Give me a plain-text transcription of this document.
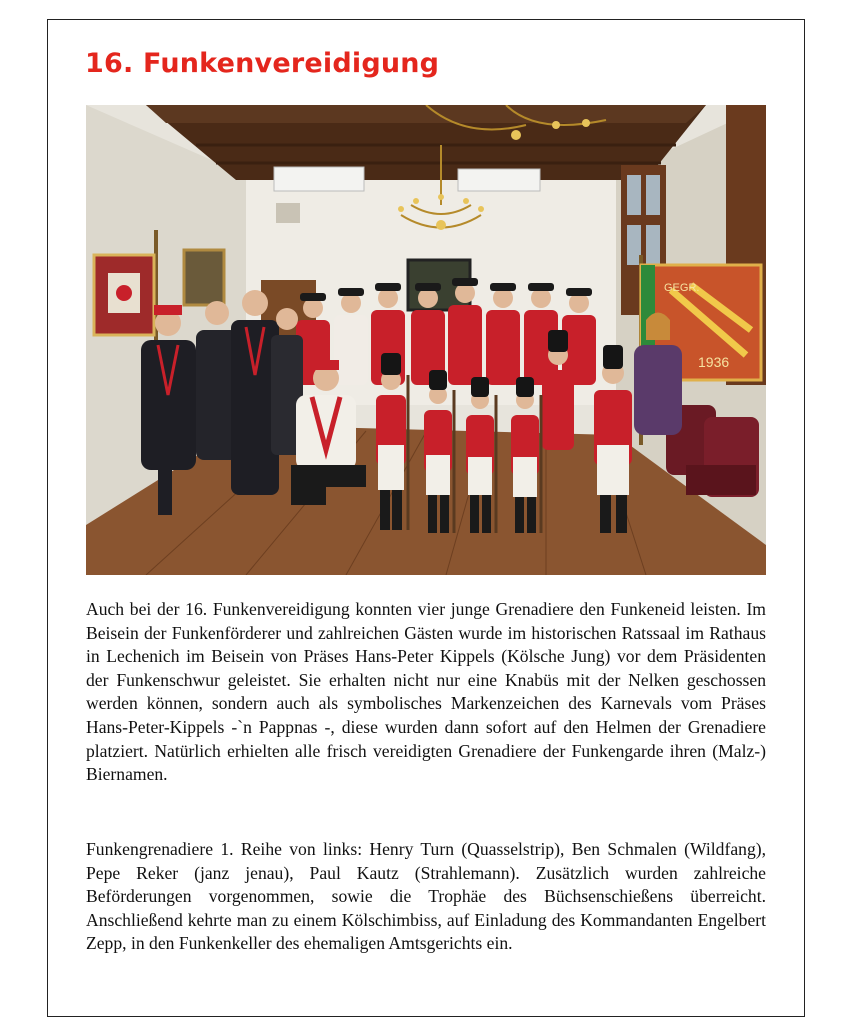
16. Funkenvereidigung
GEGR.
1936

Auch bei der 16. Funkenvereidigung konnten vier junge Grenadiere den Funkeneid leisten. Im Beisein der Funkenförderer und zahlreichen Gästen wurde im historischen Ratssaal im Rathaus in Lechenich im Beisein von Präses Hans-Peter Kippels (Kölsche Jung) vor dem Präsidenten der Funkenschwur geleistet. Sie erhalten nicht nur eine Knabüs mit der Nelken geschossen werden können, sondern auch als symbolisches Markenzeichen des Karnevals vom Präses Hans-Peter-Kippels -`n Pappnas -, diese wurden dann sofort auf den Helmen der Grenadiere platziert. Natürlich erhielten alle frisch vereidigten Grenadiere der Funkengarde ihren (Malz-) Biernamen.

Funkengrenadiere 1. Reihe von links: Henry Turn (Quasselstrip), Ben Schmalen (Wildfang), Pepe Reker (janz jenau), Paul Kautz (Strahlemann). Zusätzlich wurden zahlreiche Beförderungen vorgenommen, sowie die Trophäe des Büchsenschießens überreicht. Anschließend kehrte man zu einem Kölschimbiss, auf Einladung des Kommandanten Engelbert Zepp, in den Funkenkeller des ehemaligen Amtsgerichts ein.
